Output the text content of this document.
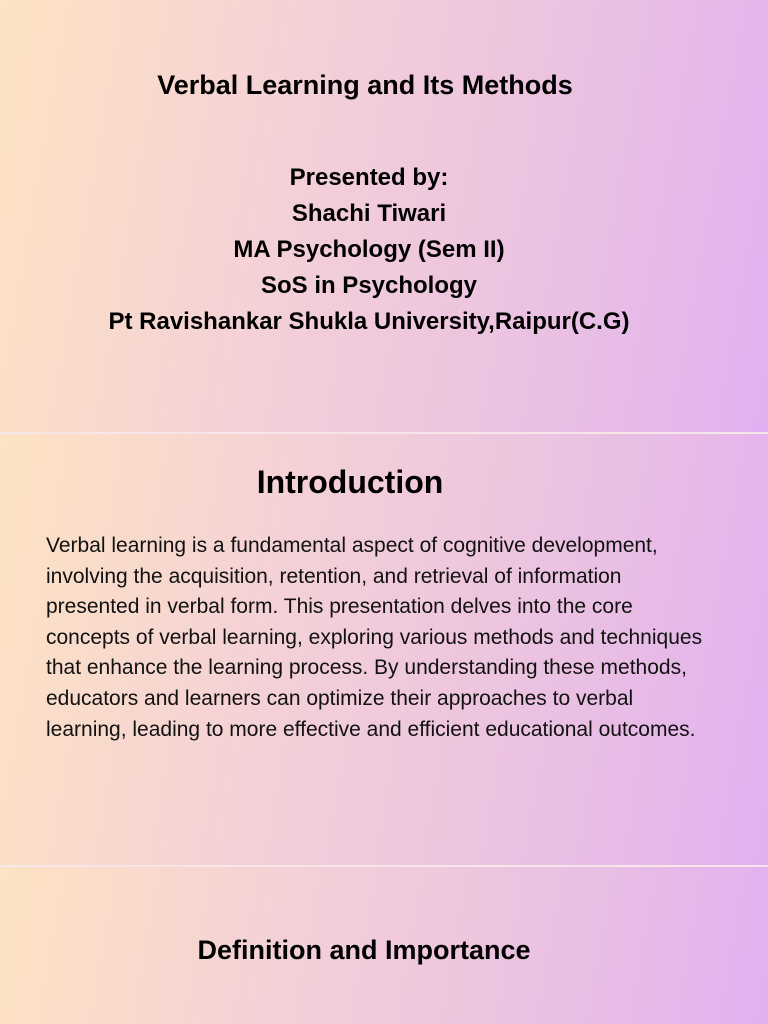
Verbal Learning and Its Methods
Presented by:
Shachi Tiwari
MA Psychology (Sem II)
SoS in Psychology
Pt Ravishankar Shukla University,Raipur(C.G)
Introduction

Verbal learning is a fundamental aspect of cognitive development, involving the acquisition, retention, and retrieval of information presented in verbal form. This presentation delves into the core concepts of verbal learning, exploring various methods and techniques that enhance the learning process. By understanding these methods, educators and learners can optimize their approaches to verbal learning, leading to more effective and efficient educational outcomes.

Definition and Importance
